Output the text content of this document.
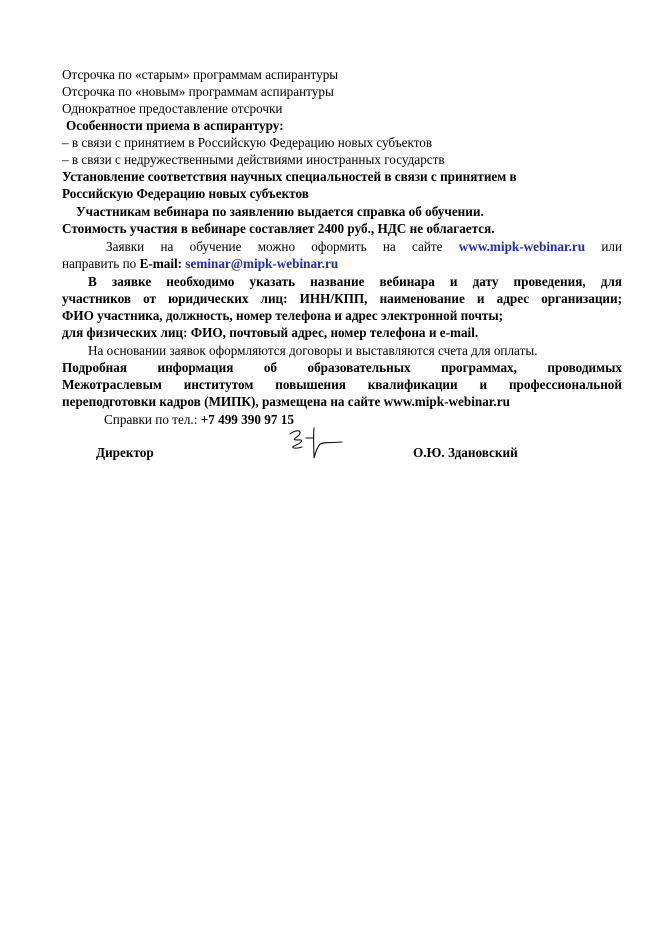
Отсрочка по «старым» программам аспирантуры
Отсрочка по «новым» программам аспирантуры
Однократное предоставление отсрочки
Особенности приема в аспирантуру:
– в связи с принятием в Российскую Федерацию новых субъектов
– в связи с недружественными действиями иностранных государств
Установление соответствия научных специальностей в связи с принятием в
Российскую Федерацию новых субъектов
Участникам вебинара по заявлению выдается справка об обучении.
Стоимость участия в вебинаре составляет 2400 руб., НДС не облагается.
Заявки на обучение можно оформить на сайте www.mipk-webinar.ru или
направить по E-mail: seminar@mipk-webinar.ru
В заявке необходимо указать название вебинара и дату проведения, для
участников от юридических лиц: ИНН/КПП, наименование и адрес организации;
ФИО участника, должность, номер телефона и адрес электронной почты;
для физических лиц: ФИО, почтовый адрес, номер телефона и e-mail.
На основании заявок оформляются договоры и выставляются счета для оплаты.
Подробная информация об образовательных программах, проводимых
Межотраслевым институтом повышения квалификации и профессиональной
переподготовки кадров (МИПК), размещена на сайте www.mipk-webinar.ru
Справки по тел.: +7 499 390 97 15
Директор	О.Ю. Здановский
